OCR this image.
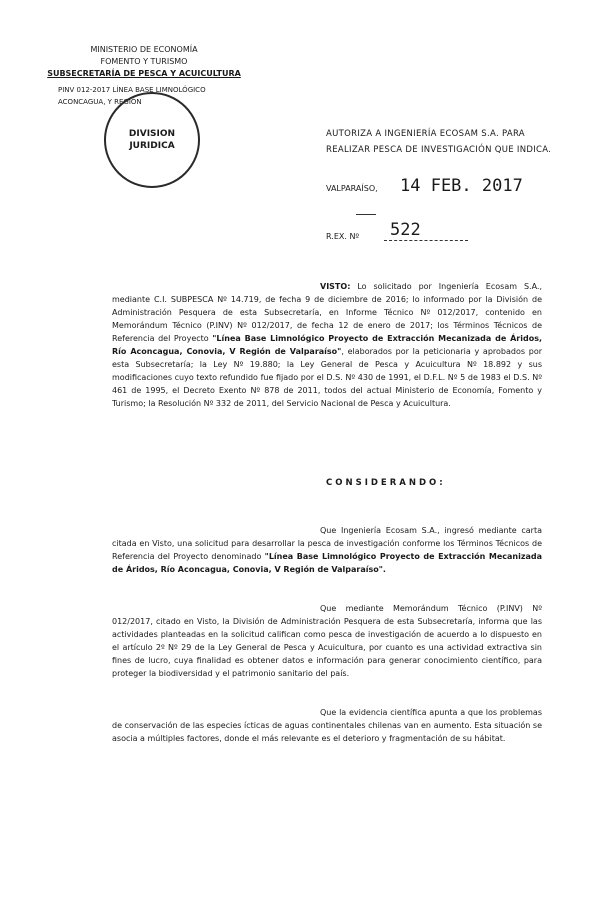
MINISTERIO DE ECONOMÍA
FOMENTO Y TURISMO
SUBSECRETARÍA DE PESCA Y ACUICULTURA
PINV 012-2017 LÍNEA BASE LIMNOLÓGICO
ACONCAGUA, Y REGIÓN
DIVISION
JURIDICA
AUTORIZA A INGENIERÍA ECOSAM S.A. PARA REALIZAR PESCA DE INVESTIGACIÓN QUE INDICA.
VALPARAÍSO, 14 FEB. 2017
R.EX. Nº 522
VISTO: Lo solicitado por Ingeniería Ecosam S.A., mediante C.I. SUBPESCA Nº 14.719, de fecha 9 de diciembre de 2016; lo informado por la División de Administración Pesquera de esta Subsecretaría, en Informe Técnico Nº 012/2017, contenido en Memorándum Técnico (P.INV) Nº 012/2017, de fecha 12 de enero de 2017; los Términos Técnicos de Referencia del Proyecto "Línea Base Limnológico Proyecto de Extracción Mecanizada de Áridos, Río Aconcagua, Conovia, V Región de Valparaíso", elaborados por la peticionaria y aprobados por esta Subsecretaría; la Ley Nº 19.880; la Ley General de Pesca y Acuicultura Nº 18.892 y sus modificaciones cuyo texto refundido fue fijado por el D.S. Nº 430 de 1991, el D.F.L. Nº 5 de 1983 el D.S. Nº 461 de 1995, el Decreto Exento Nº 878 de 2011, todos del actual Ministerio de Economía, Fomento y Turismo; la Resolución Nº 332 de 2011, del Servicio Nacional de Pesca y Acuicultura.
CONSIDERANDO:
Que Ingeniería Ecosam S.A., ingresó mediante carta citada en Visto, una solicitud para desarrollar la pesca de investigación conforme los Términos Técnicos de Referencia del Proyecto denominado "Línea Base Limnológico Proyecto de Extracción Mecanizada de Áridos, Río Aconcagua, Conovia, V Región de Valparaíso".
Que mediante Memorándum Técnico (P.INV) Nº 012/2017, citado en Visto, la División de Administración Pesquera de esta Subsecretaría, informa que las actividades planteadas en la solicitud califican como pesca de investigación de acuerdo a lo dispuesto en el artículo 2º Nº 29 de la Ley General de Pesca y Acuicultura, por cuanto es una actividad extractiva sin fines de lucro, cuya finalidad es obtener datos e información para generar conocimiento científico, para proteger la biodiversidad y el patrimonio sanitario del país.
Que la evidencia científica apunta a que los problemas de conservación de las especies ícticas de aguas continentales chilenas van en aumento. Esta situación se asocia a múltiples factores, donde el más relevante es el deterioro y fragmentación de su hábitat.
